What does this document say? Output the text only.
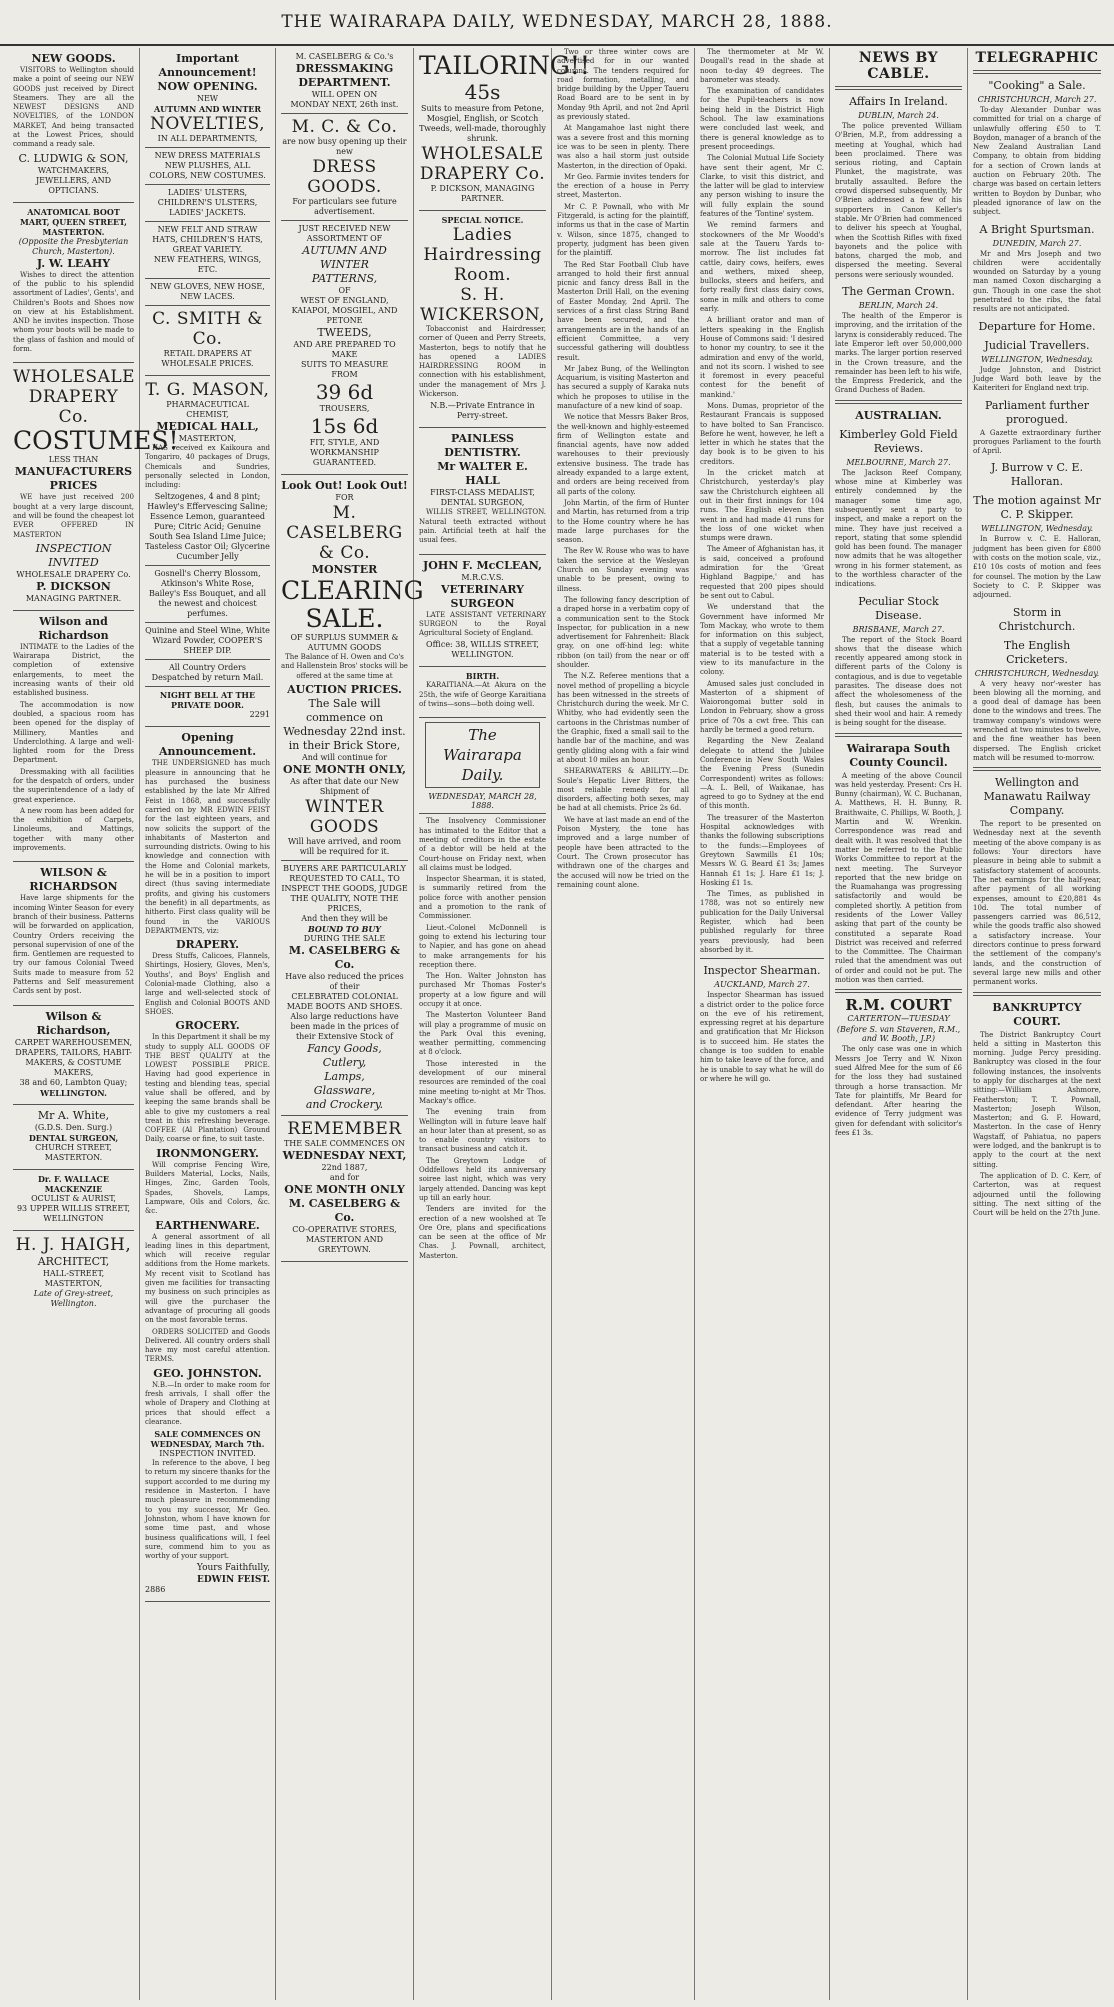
THE WAIRARAPA DAILY, WEDNESDAY, MARCH 28, 1888.
NEW GOODS.
VISITORS to Wellington should make a point of seeing our NEW GOODS just received by Direct Steamers. They are all the NEWEST DESIGNS AND NOVELTIES, of the LONDON MARKET, And being transacted at the Lowest Prices, should command a ready sale.
C. LUDWIG & SON,
WATCHMAKERS, JEWELLERS, AND OPTICIANS.
ANATOMICAL BOOT MART, QUEEN STREET, MASTERTON.
(Opposite the Presbyterian Church, Masterton).
J. W. LEAHY
Wishes to direct the attention of the public to his splendid assortment of Ladies', Gents', and Children's Boots and Shoes now on view at his Establishment. AND he invites inspection. Those whom your boots will be made to the glass of fashion and mould of form.
WHOLESALE
DRAPERY Co.
COSTUMES!
LESS THAN
MANUFACTURERS
PRICES
WE have just received 200 bought at a very large discount, and will be found the cheapest lot EVER OFFERED IN MASTERTON
INSPECTION
INVITED
WHOLESALE DRAPERY Co.
P. DICKSON
MANAGING PARTNER.
Wilson and Richardson
INTIMATE to the Ladies of the Wairarapa District, the completion of extensive enlargements, to meet the increasing wants of their old established business.
The accommodation is now doubled, a spacious room has been opened for the display of Millinery, Mantles and Underclothing. A large and well-lighted room for the Dress Department.
Dressmaking with all facilities for the despatch of orders, under the superintendence of a lady of great experience.
A new room has been added for the exhibition of Carpets, Linoleums, and Mattings, together with many other improvements.
WILSON & RICHARDSON
Have large shipments for the incoming Winter Season for every branch of their business. Patterns will be forwarded on application, Country Orders receiving the personal supervision of one of the firm. Gentlemen are requested to try our famous Colonial Tweed Suits made to measure from 52 Patterns and Self measurement Cards sent by post.
Wilson & Richardson,
CARPET WAREHOUSEMEN, DRAPERS, TAILORS, HABIT-MAKERS, & COSTUME MAKERS,
38 and 60, Lambton Quay;
WELLINGTON.
Mr A. White,
(G.D.S. Den. Surg.)
DENTAL SURGEON,
CHURCH STREET, MASTERTON.
Dr. F. WALLACE MACKENZIE
OCULIST & AURIST,
93 UPPER WILLIS STREET, WELLINGTON
H. J. HAIGH,
ARCHITECT,
HALL-STREET, MASTERTON,
Late of Grey-street, Wellington.
Important Announcement!
NOW OPENING.
NEW
AUTUMN AND WINTER
NOVELTIES,
IN ALL DEPARTMENTS,
NEW DRESS MATERIALS NEW PLUSHES, ALL COLORS, NEW COSTUMES.
LADIES' ULSTERS, CHILDREN'S ULSTERS, LADIES' JACKETS.
NEW FELT AND STRAW HATS, CHILDREN'S HATS, GREAT VARIETY.
NEW FEATHERS, WINGS, ETC.
NEW GLOVES, NEW HOSE, NEW LACES.
C. SMITH & Co.
RETAIL DRAPERS AT WHOLESALE PRICES.
T. G. MASON,
PHARMACEUTICAL CHEMIST,
MEDICAL HALL,
MASTERTON,
HAS received ex Kaikoura and Tongariro, 40 packages of Drugs, Chemicals and Sundries, personally selected in London, including:
Seltzogenes, 4 and 8 pint; Hawley's Effervescing Saline; Essence Lemon, guaranteed Pure; Citric Acid; Genuine South Sea Island Lime Juice; Tasteless Castor Oil; Glycerine Cucumber Jelly
Gosnell's Cherry Blossom, Atkinson's White Rose, Bailey's Ess Bouquet, and all the newest and choicest perfumes.
Quinine and Steel Wine, White Wizard Powder, COOPER'S SHEEP DIP.
All Country Orders Despatched by return Mail.
NIGHT BELL AT THE PRIVATE DOOR.
2291
Opening Announcement.
THE UNDERSIGNED has much pleasure in announcing that he has purchased the business established by the late Mr Alfred Feist in 1868, and successfully carried on by MR EDWIN FEIST for the last eighteen years, and now solicits the support of the inhabitants of Masterton and surrounding districts. Owing to his knowledge and connection with the Home and Colonial markets, he will be in a position to import direct (thus saving intermediate profits, and giving his customers the benefit) in all departments, as hitherto. First class quality will be found in the VARIOUS DEPARTMENTS, viz:
DRAPERY.
Dress Stuffs, Calicoes, Flannels, Shirtings, Hosiery, Gloves, Men's, Youths', and Boys' English and Colonial-made Clothing, also a large and well-selected stock of English and Colonial BOOTS AND SHOES.
GROCERY.
In this Department it shall be my study to supply ALL GOODS OF THE BEST QUALITY at the LOWEST POSSIBLE PRICE. Having had good experience in testing and blending teas, special value shall be offered, and by keeping the same brands shall be able to give my customers a real treat in this refreshing beverage. COFFEE (Al Plantation) Ground Daily, coarse or fine, to suit taste.
IRONMONGERY.
Will comprise Fencing Wire, Builders Material, Locks, Nails, Hinges, Zinc, Garden Tools, Spades, Shovels, Lamps, Lampware, Oils and Colors, &c. &c.
EARTHENWARE.
A general assortment of all leading lines in this department, which will receive regular additions from the Home markets. My recent visit to Scotland has given me facilities for transacting my business on such principles as will give the purchaser the advantage of procuring all goods on the most favorable terms.
ORDERS SOLICITED and Goods Delivered. All country orders shall have my most careful attention. TERMS.
GEO. JOHNSTON.
N.B.—In order to make room for fresh arrivals, I shall offer the whole of Drapery and Clothing at prices that should effect a clearance.
SALE COMMENCES ON WEDNESDAY, March 7th.
INSPECTION INVITED.
In reference to the above, I beg to return my sincere thanks for the support accorded to me during my residence in Masterton. I have much pleasure in recommending to you my successor, Mr Geo. Johnston, whom I have known for some time past, and whose business qualifications will, I feel sure, commend him to you as worthy of your support.
Yours Faithfully,
EDWIN FEIST.
2886
M. CASELBERG & Co.'s
DRESSMAKING
DEPARTMENT.
WILL OPEN ON
MONDAY NEXT, 26th inst.
M. C. & Co.
are now busy opening up their new
DRESS GOODS.
For particulars see future advertisement.
JUST RECEIVED NEW ASSORTMENT OF
AUTUMN AND WINTER
PATTERNS,
OF
WEST OF ENGLAND, KAIAPOI, MOSGIEL, AND PETONE
TWEEDS,
AND ARE PREPARED TO MAKE
SUITS TO MEASURE
FROM
39 6d
TROUSERS,
15s 6d
FIT, STYLE, AND WORKMANSHIP GUARANTEED.
Look Out! Look Out!
FOR
M. CASELBERG & Co.
MONSTER
CLEARING
SALE.
OF SURPLUS SUMMER & AUTUMN GOODS
The Balance of H. Owen and Co's and Hallenstein Bros' stocks will be offered at the same time at
AUCTION PRICES.
The Sale will commence on Wednesday 22nd inst.
in their Brick Store,
And will continue for
ONE MONTH ONLY,
As after that date our New Shipment of
WINTER GOODS
Will have arrived, and room will be required for it.
BUYERS ARE PARTICULARLY REQUESTED TO CALL, TO INSPECT THE GOODS, JUDGE THE QUALITY, NOTE THE PRICES,
And then they will be
BOUND TO BUY
DURING THE SALE
M. CASELBERG & Co.
Have also reduced the prices of their
CELEBRATED COLONIAL MADE BOOTS AND SHOES.
Also large reductions have been made in the prices of their Extensive Stock of
Fancy Goods,
Cutlery,
Lamps,
Glassware,
and Crockery.
REMEMBER
THE SALE COMMENCES ON
WEDNESDAY NEXT,
22nd 1887,
and for
ONE MONTH ONLY
M. CASELBERG & Co.
CO-OPERATIVE STORES,
MASTERTON AND GREYTOWN.
TAILORING!!
45s
Suits to measure from Petone, Mosgiel, English, or Scotch Tweeds, well-made, thoroughly shrunk.
WHOLESALE DRAPERY Co.
P. DICKSON, MANAGING PARTNER.
SPECIAL NOTICE.
Ladies Hairdressing Room.
S. H. WICKERSON,
Tobacconist and Hairdresser, corner of Queen and Perry Streets, Masterton, begs to notify that he has opened a LADIES HAIRDRESSING ROOM in connection with his establishment, under the management of Mrs J. Wickerson.
N.B.—Private Entrance in Perry-street.
PAINLESS DENTISTRY.
Mr WALTER E. HALL
FIRST-CLASS MEDALIST, DENTAL SURGEON,
WILLIS STREET, WELLINGTON. Natural teeth extracted without pain. Artificial teeth at half the usual fees.
JOHN F. McCLEAN,
M.R.C.V.S.
VETERINARY SURGEON
LATE ASSISTANT VETERINARY SURGEON to the Royal Agricultural Society of England.
Office: 38, WILLIS STREET, WELLINGTON.
BIRTH.
KARAITIANA.—At Akura on the 25th, the wife of George Karaitiana of twins—sons—both doing well.
The Wairarapa Daily.
WEDNESDAY, MARCH 28, 1888.
The Insolvency Commissioner has intimated to the Editor that a meeting of creditors in the estate of a debtor will be held at the Court-house on Friday next, when all claims must be lodged.
Inspector Shearman, it is stated, is summarily retired from the police force with another pension and a promotion to the rank of Commissioner.
Lieut.-Colonel McDonnell is going to extend his lecturing tour to Napier, and has gone on ahead to make arrangements for his reception there.
The Hon. Walter Johnston has purchased Mr Thomas Foster's property at a low figure and will occupy it at once.
The Masterton Volunteer Band will play a programme of music on the Park Oval this evening, weather permitting, commencing at 8 o'clock.
Those interested in the development of our mineral resources are reminded of the coal mine meeting to-night at Mr Thos. Mackay's office.
The evening train from Wellington will in future leave half an hour later than at present, so as to enable country visitors to transact business and catch it.
The Greytown Lodge of Oddfellows held its anniversary soiree last night, which was very largely attended. Dancing was kept up till an early hour.
Tenders are invited for the erection of a new woolshed at Te Ore Ore, plans and specifications can be seen at the office of Mr Chas. J. Pownall, architect, Masterton.
Two or three winter cows are advertised for in our wanted columns. The tenders required for road formation, metalling, and bridge building by the Upper Taueru Road Board are to be sent in by Monday 9th April, and not 2nd April as previously stated.
At Mangamahoe last night there was a severe frost and this morning ice was to be seen in plenty. There was also a hail storm just outside Masterton, in the direction of Opaki.
Mr Geo. Farmie invites tenders for the erection of a house in Perry street, Masterton.
Mr C. P. Pownall, who with Mr Fitzgerald, is acting for the plaintiff, informs us that in the case of Martin v. Wilson, since 1875, changed to property, judgment has been given for the plaintiff.
The Red Star Football Club have arranged to hold their first annual picnic and fancy dress Ball in the Masterton Drill Hall, on the evening of Easter Monday, 2nd April. The services of a first class String Band have been secured, and the arrangements are in the hands of an efficient Committee, a very successful gathering will doubtless result.
Mr Jabez Bung, of the Wellington Acquarium, is visiting Masterton and has secured a supply of Karaka nuts which he proposes to utilise in the manufacture of a new kind of soap.
We notice that Messrs Baker Bros, the well-known and highly-esteemed firm of Wellington estate and financial agents, have now added warehouses to their previously extensive business. The trade has already expanded to a large extent, and orders are being received from all parts of the colony.
John Martin, of the firm of Hunter and Martin, has returned from a trip to the Home country where he has made large purchases for the season.
The Rev W. Rouse who was to have taken the service at the Wesleyan Church on Sunday evening was unable to be present, owing to illness.
The following fancy description of a draped horse in a verbatim copy of a communication sent to the Stock Inspector, for publication in a new advertisement for Fahrenheit: Black gray, on one off-hind leg: white ribbon (on tail) from the near or off shoulder.
The N.Z. Referee mentions that a novel method of propelling a bicycle has been witnessed in the streets of Christchurch during the week. Mr C. Whitby, who had evidently seen the cartoons in the Christmas number of the Graphic, fixed a small sail to the handle bar of the machine, and was gently gliding along with a fair wind at about 10 miles an hour.
SHEARWATERS & ABILITY.—Dr. Soule's Hepatic Liver Bitters, the most reliable remedy for all disorders, affecting both sexes, may be had at all chemists. Price 2s 6d.
We have at last made an end of the Poison Mystery, the tone has improved and a large number of people have been attracted to the Court. The Crown prosecutor has withdrawn one of the charges and the accused will now be tried on the remaining count alone.
The thermometer at Mr W. Dougall's read in the shade at noon to-day 49 degrees. The barometer was steady.
The examination of candidates for the Pupil-teachers is now being held in the District High School. The law examinations were concluded last week, and there is general knowledge as to present proceedings.
The Colonial Mutual Life Society have sent their agent, Mr C. Clarke, to visit this district, and the latter will be glad to interview any person wishing to insure the will fully explain the sound features of the 'Tontine' system.
We remind farmers and stockowners of the Mr Woodd's sale at the Taueru Yards to-morrow. The list includes fat cattle, dairy cows, heifers, ewes and wethers, mixed sheep, bullocks, steers and heifers, and forty really first class dairy cows, some in milk and others to come early.
A brilliant orator and man of letters speaking in the English House of Commons said: 'I desired to honor my country, to see it the admiration and envy of the world, and not its scorn. I wished to see it foremost in every peaceful contest for the benefit of mankind.'
Mons. Dumas, proprietor of the Restaurant Francais is supposed to have bolted to San Francisco. Before he went, however, he left a letter in which he states that the day book is to be given to his creditors.
In the cricket match at Christchurch, yesterday's play saw the Christchurch eighteen all out in their first innings for 104 runs. The English eleven then went in and had made 41 runs for the loss of one wicket when stumps were drawn.
The Ameer of Afghanistan has, it is said, conceived a profound admiration for the 'Great Highland Bagpipe,' and has requested that 200 pipes should be sent out to Cabul.
We understand that the Government have informed Mr Tom Mackay, who wrote to them for information on this subject, that a supply of vegetable tanning material is to be tested with a view to its manufacture in the colony.
Amused sales just concluded in Masterton of a shipment of Waiorongomai butter sold in London in February, show a gross price of 70s a cwt free. This can hardly be termed a good return.
Regarding the New Zealand delegate to attend the Jubilee Conference in New South Wales the Evening Press (Sunedin Correspondent) writes as follows:—A. L. Bell, of Waikanae, has agreed to go to Sydney at the end of this month.
The treasurer of the Masterton Hospital acknowledges with thanks the following subscriptions to the funds:—Employees of Greytown Sawmills £1 10s; Messrs W. G. Beard £1 3s; James Hannah £1 1s; J. Hare £1 1s; J. Hosking £1 1s.
The Times, as published in 1788, was not so entirely new publication for the Daily Universal Register, which had been published regularly for three years previously, had been absorbed by it.
Inspector Shearman.
AUCKLAND, March 27.
Inspector Shearman has issued a district order to the police force on the eve of his retirement, expressing regret at his departure and gratification that Mr Hickson is to succeed him. He states the change is too sudden to enable him to take leave of the force, and he is unable to say what he will do or where he will go.
NEWS BY CABLE.
Affairs In Ireland.
DUBLIN, March 24.
The police prevented William O'Brien, M.P., from addressing a meeting at Youghal, which had been proclaimed. There was serious rioting, and Captain Plunket, the magistrate, was brutally assaulted. Before the crowd dispersed subsequently, Mr O'Brien addressed a few of his supporters in Canon Keller's stable. Mr O'Brien had commenced to deliver his speech at Youghal, when the Scottish Rifles with fixed bayonets and the police with batons, charged the mob, and dispersed the meeting. Several persons were seriously wounded.
The German Crown.
BERLIN, March 24.
The health of the Emperor is improving, and the irritation of the larynx is considerably reduced. The late Emperor left over 50,000,000 marks. The larger portion reserved in the Crown treasure, and the remainder has been left to his wife, the Empress Frederick, and the Grand Duchess of Baden.
AUSTRALIAN.
Kimberley Gold Field Reviews.
MELBOURNE, March 27.
The Jackson Reef Company, whose mine at Kimberley was entirely condemned by the manager some time ago, subsequently sent a party to inspect, and make a report on the mine. They have just received a report, stating that some splendid gold has been found. The manager now admits that he was altogether wrong in his former statement, as to the worthless character of the indications.
Peculiar Stock Disease.
BRISBANE, March 27.
The report of the Stock Board shows that the disease which recently appeared among stock in different parts of the Colony is contagious, and is due to vegetable parasites. The disease does not affect the wholesomeness of the flesh, but causes the animals to shed their wool and hair. A remedy is being sought for the disease.
Wairarapa South County Council.
A meeting of the above Council was held yesterday. Present: Crs H. Bunny (chairman), W. C. Buchanan, A. Matthews, H. H. Bunny, R. Braithwaite, C. Phillips, W. Booth, J. Martin and W. Wrenkin. Correspondence was read and dealt with. It was resolved that the matter be referred to the Public Works Committee to report at the next meeting. The Surveyor reported that the new bridge on the Ruamahanga was progressing satisfactorily and would be completed shortly. A petition from residents of the Lower Valley asking that part of the county be constituted a separate Road District was received and referred to the Committee. The Chairman ruled that the amendment was out of order and could not be put. The motion was then carried.
R.M. COURT
CARTERTON—TUESDAY
(Before S. van Staveren, R.M., and W. Booth, J.P.)
The only case was one in which Messrs Joe Terry and W. Nixon sued Alfred Mee for the sum of £6 for the loss they had sustained through a horse transaction. Mr Tate for plaintiffs, Mr Beard for defendant. After hearing the evidence of Terry judgment was given for defendant with solicitor's fees £1 3s.
TELEGRAPHIC
"Cooking" a Sale.
CHRISTCHURCH, March 27.
To-day Alexander Dunbar was committed for trial on a charge of unlawfully offering £50 to T. Boydon, manager of a branch of the New Zealand Australian Land Company, to obtain from bidding for a section of Crown lands at auction on February 20th. The charge was based on certain letters written to Boydon by Dunbar, who pleaded ignorance of law on the subject.
A Bright Spurtsman.
DUNEDIN, March 27.
Mr and Mrs Joseph and two children were accidentally wounded on Saturday by a young man named Coxon discharging a gun. Though in one case the shot penetrated to the ribs, the fatal results are not anticipated.
Departure for Home.
Judicial Travellers.
WELLINGTON, Wednesday.
Judge Johnston, and District Judge Ward both leave by the Kaiteriteri for England next trip.
Parliament further prorogued.
A Gazette extraordinary further prorogues Parliament to the fourth of April.
J. Burrow v C. E. Halloran.
The motion against Mr C. P. Skipper.
WELLINGTON, Wednesday.
In Burrow v. C. E. Halloran, judgment has been given for £800 with costs on the motion scale, viz., £10 10s costs of motion and fees for counsel. The motion by the Law Society to C. P. Skipper was adjourned.
Storm in Christchurch.
The English Cricketers.
CHRISTCHURCH, Wednesday.
A very heavy nor'-wester has been blowing all the morning, and a good deal of damage has been done to the windows and trees. The tramway company's windows were wrenched at two minutes to twelve, and the fine weather has been dispersed. The English cricket match will be resumed to-morrow.
Wellington and Manawatu Railway Company.
The report to be presented on Wednesday next at the seventh meeting of the above company is as follows: Your directors have pleasure in being able to submit a satisfactory statement of accounts. The net earnings for the half-year, after payment of all working expenses, amount to £20,881 4s 10d. The total number of passengers carried was 86,512, while the goods traffic also showed a satisfactory increase. Your directors continue to press forward the settlement of the company's lands, and the construction of several large new mills and other permanent works.
BANKRUPTCY COURT.
The District Bankruptcy Court held a sitting in Masterton this morning. Judge Percy presiding. Bankruptcy was closed in the four following instances, the insolvents to apply for discharges at the next sitting:—William Ashmore, Featherston; T. T. Pownall, Masterton; Joseph Wilson, Masterton; and G. F. Howard, Masterton. In the case of Henry Wagstaff, of Pahiatua, no papers were lodged, and the bankrupt is to apply to the court at the next sitting.
The application of D. C. Kerr, of Carterton, was at request adjourned until the following sitting. The next sitting of the Court will be held on the 27th June.
